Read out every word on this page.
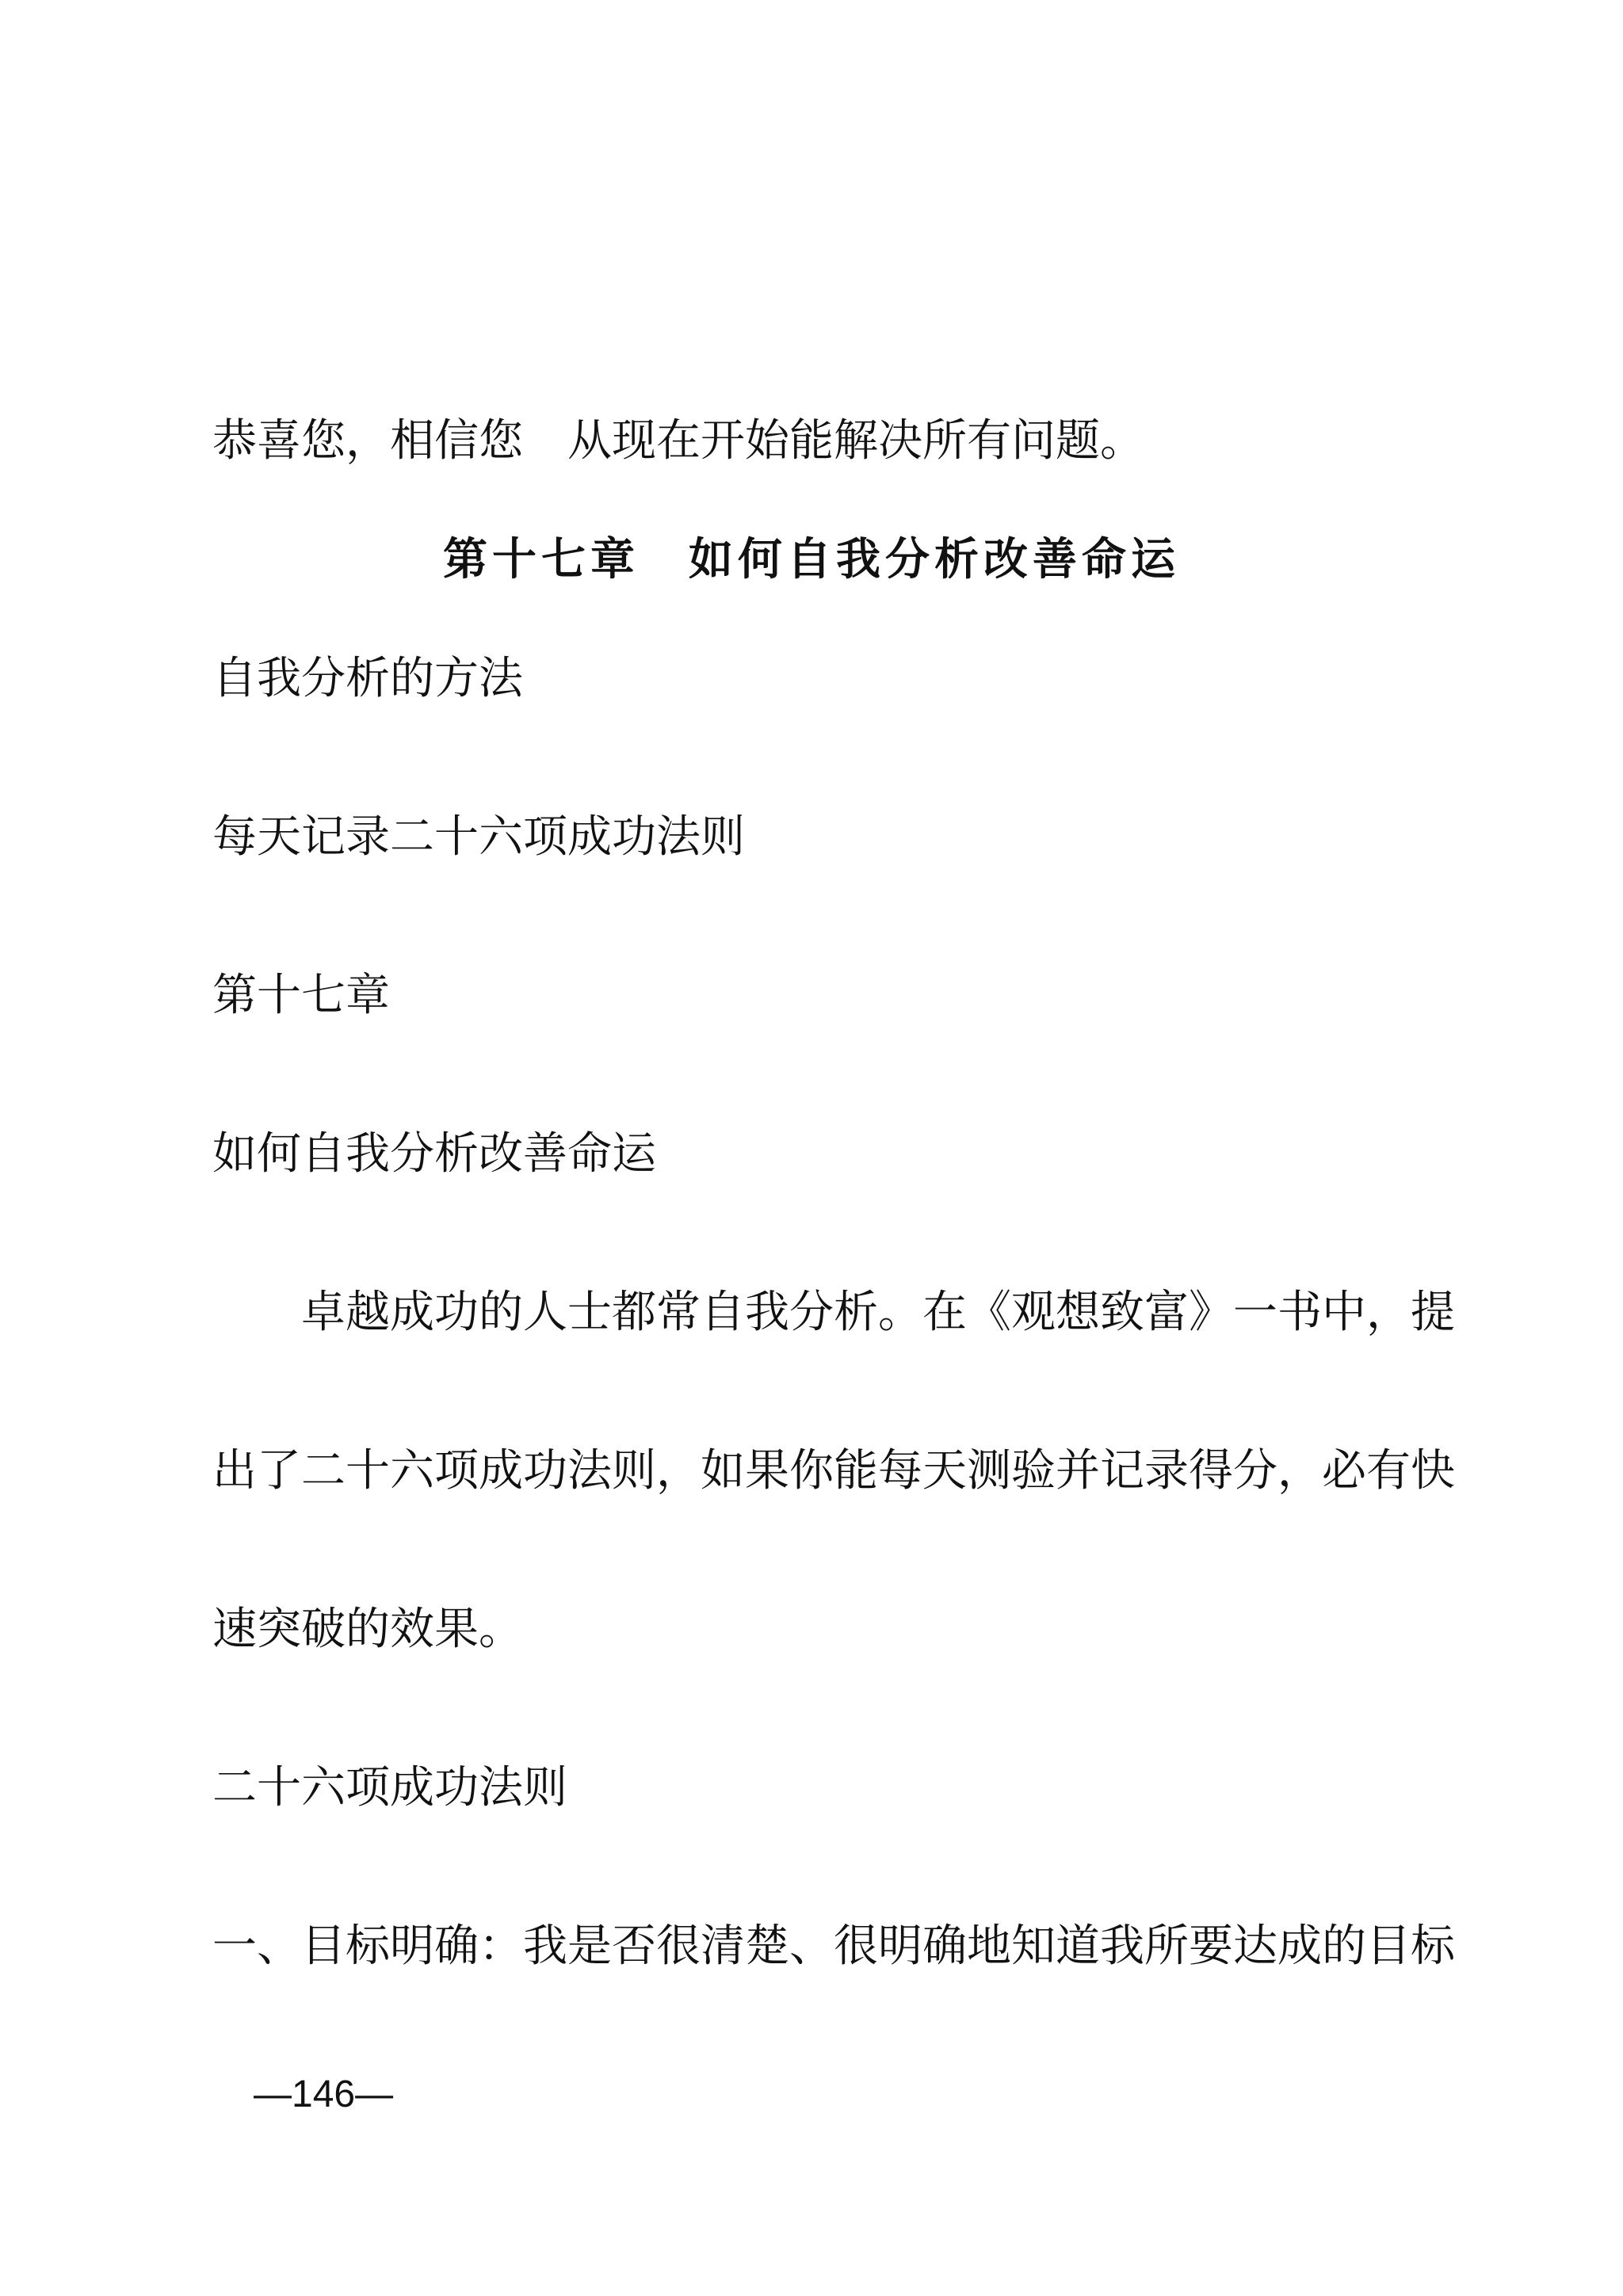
恭喜您，相信您　从现在开始能解决所有问题。
第十七章　如何自我分析改善命运
自我分析的方法
每天记录二十六项成功法则
第十七章
如何自我分析改善命运
卓越成功的人士都常自我分析。在《观想致富》一书中，提
出了二十六项成功法则，如果你能每天测验并记录得分，必有快
速突破的效果。
二十六项成功法则
一、目标明确：我是否很清楚、很明确地知道我所要达成的目标
—146—
